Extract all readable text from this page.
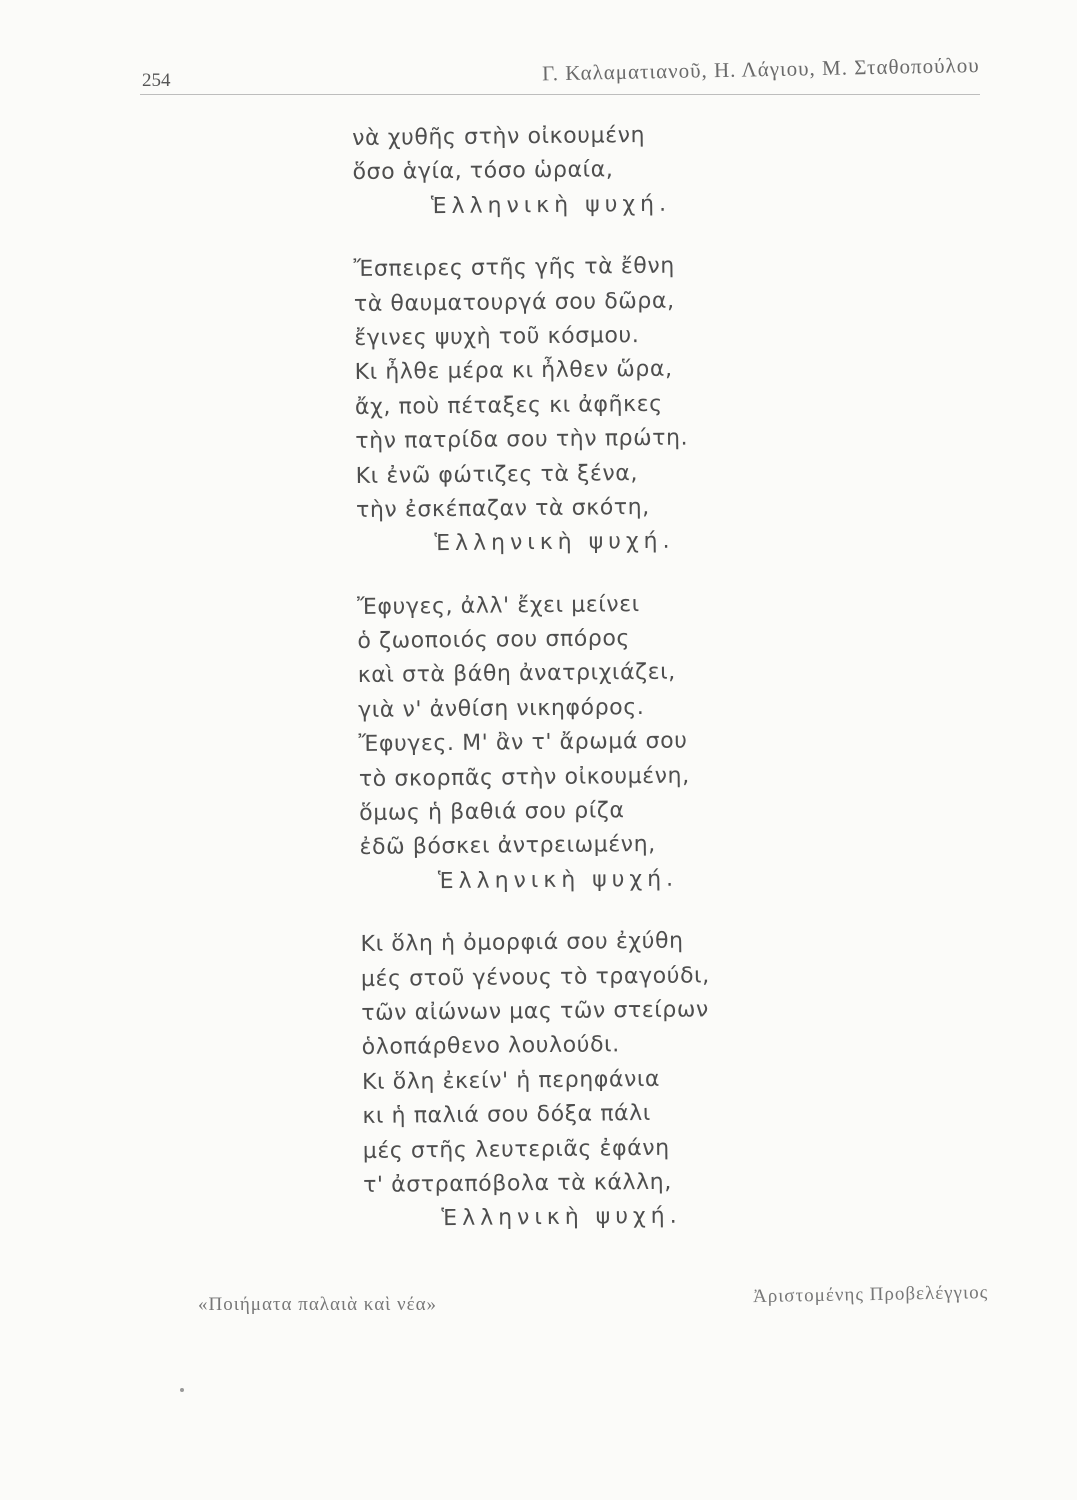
254	Γ. Καλαματιανοῦ, Η. Λάγιου, Μ. Σταθοπούλου
νὰ χυθῆς στὴν οἰκουμένη
ὅσο ἁγία, τόσο ὡραία,
Ἑλληνικὴ ψυχή.
Ἔσπειρες στῆς γῆς τὰ ἔθνη
τὰ θαυματουργά σου δῶρα,
ἔγινες ψυχὴ τοῦ κόσμου.
Κι ἦλθε μέρα κι ἦλθεν ὥρα,
ἄχ, ποὺ πέταξες κι ἀφῆκες
τὴν πατρίδα σου τὴν πρώτη.
Κι ἐνῶ φώτιζες τὰ ξένα,
τὴν ἐσκέπαζαν τὰ σκότη,
Ἑλληνικὴ ψυχή.
Ἔφυγες, ἀλλ' ἔχει μείνει
ὁ ζωοποιός σου σπόρος
καὶ στὰ βάθη ἀνατριχιάζει,
γιὰ ν' ἀνθίση νικηφόρος.
Ἔφυγες. Μ' ἂν τ' ἄρωμά σου
τὸ σκορπᾶς στὴν οἰκουμένη,
ὅμως ἡ βαθιά σου ρίζα
ἐδῶ βόσκει ἀντρειωμένη,
Ἑλληνικὴ ψυχή.
Κι ὅλη ἡ ὀμορφιά σου ἐχύθη
μές στοῦ γένους τὸ τραγούδι,
τῶν αἰώνων μας τῶν στείρων
ὁλοπάρθενο λουλούδι.
Κι ὅλη ἐκείν' ἡ περηφάνια
κι ἡ παλιά σου δόξα πάλι
μές στῆς λευτεριᾶς ἐφάνη
τ' ἀστραπόβολα τὰ κάλλη,
Ἑλληνικὴ ψυχή.
«Ποιήματα παλαιὰ καὶ νέα»	Ἀριστομένης Προβελέγγιος
